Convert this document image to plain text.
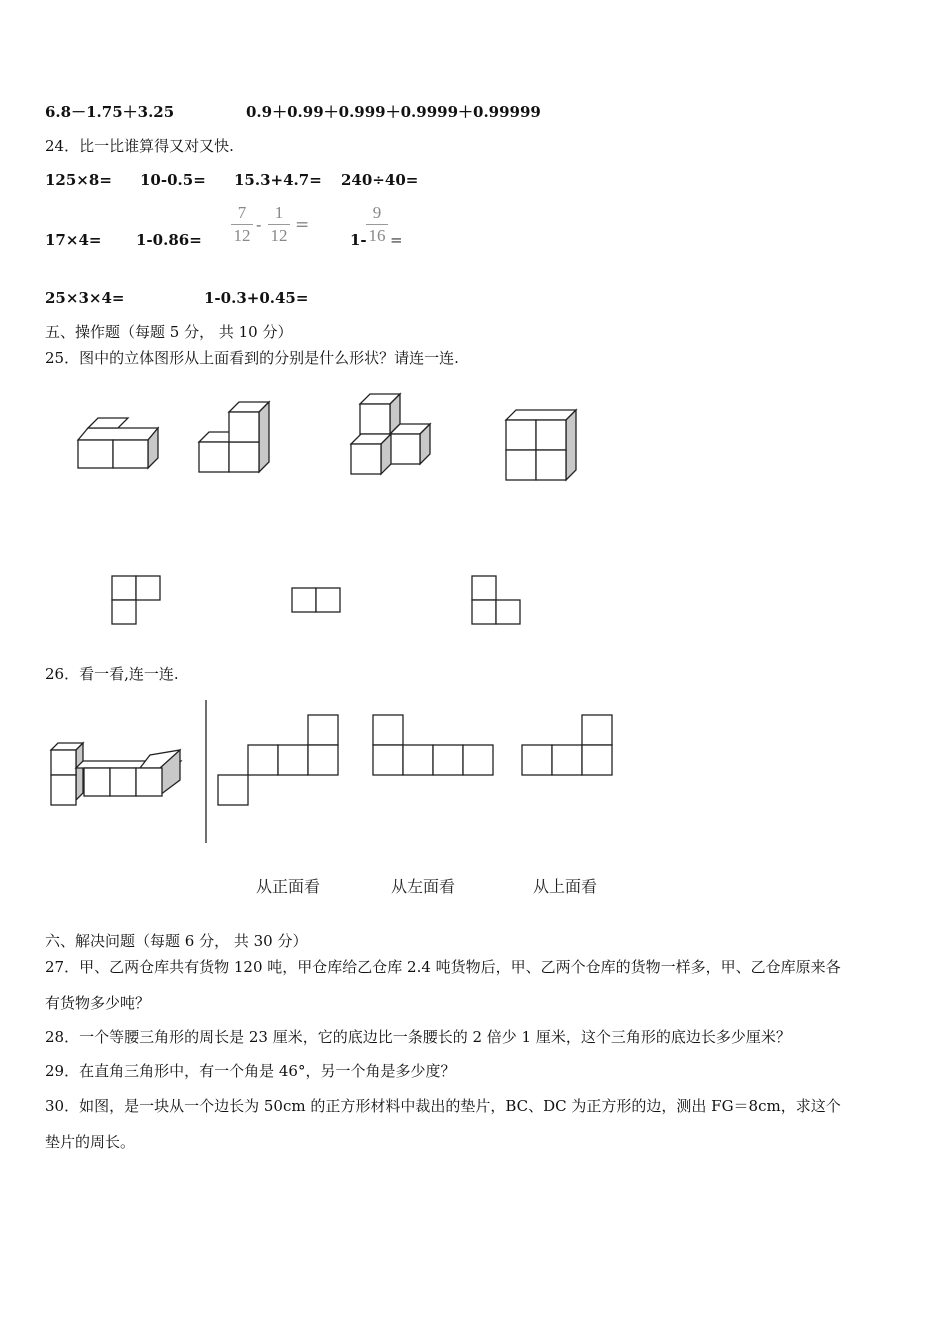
6.8－1.75＋3.25	0.9＋0.99＋0.999＋0.9999＋0.99999
24．比一比谁算得又对又快.
125×8= 10-0.5= 15.3+4.7= 240÷40=
17×4= 1-0.86=
7
12
-
1
12
=
1-
9
16 =
25×3×4=	1-0.3+0.45=
五、操作题（每题 5 分， 共 10 分）
25．图中的立体图形从上面看到的分别是什么形状？请连一连.
26．看一看,连一连.
从正面看	从左面看	从上面看
六、解决问题（每题 6 分， 共 30 分）
27．甲、乙两仓库共有货物 120 吨，甲仓库给乙仓库 2.4 吨货物后，甲、乙两个仓库的货物一样多，甲、乙仓库原来各
有货物多少吨？
28．一个等腰三角形的周长是 23 厘米，它的底边比一条腰长的 2 倍少 1 厘米，这个三角形的底边长多少厘米？
29．在直角三角形中，有一个角是 46°，另一个角是多少度？
30．如图，是一块从一个边长为 50cm 的正方形材料中裁出的垫片，BC、DC 为正方形的边，测出 FG＝8cm，求这个
垫片的周长。
